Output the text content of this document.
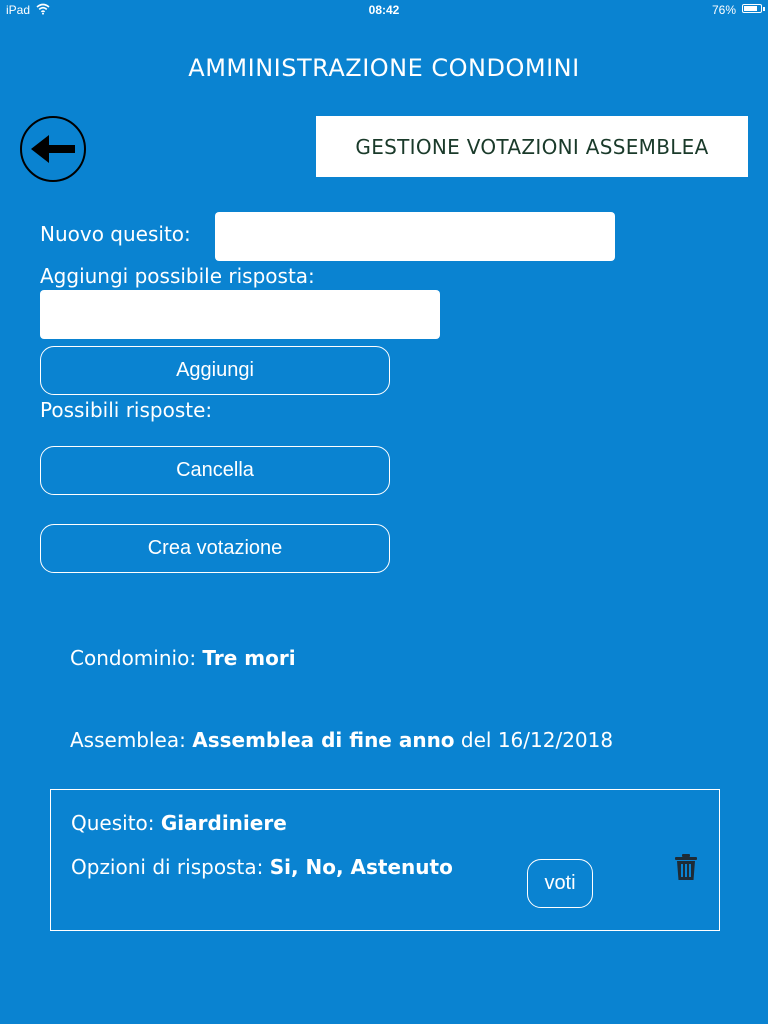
iPad	08:42	76%
AMMINISTRAZIONE CONDOMINI
GESTIONE VOTAZIONI ASSEMBLEA
Nuovo quesito:
Aggiungi possibile risposta:
Aggiungi
Possibili risposte:
Cancella
Crea votazione
Condominio: Tre mori
Assemblea: Assemblea di fine anno del 16/12/2018
Quesito: Giardiniere
Opzioni di risposta: Si, No, Astenuto
voti
